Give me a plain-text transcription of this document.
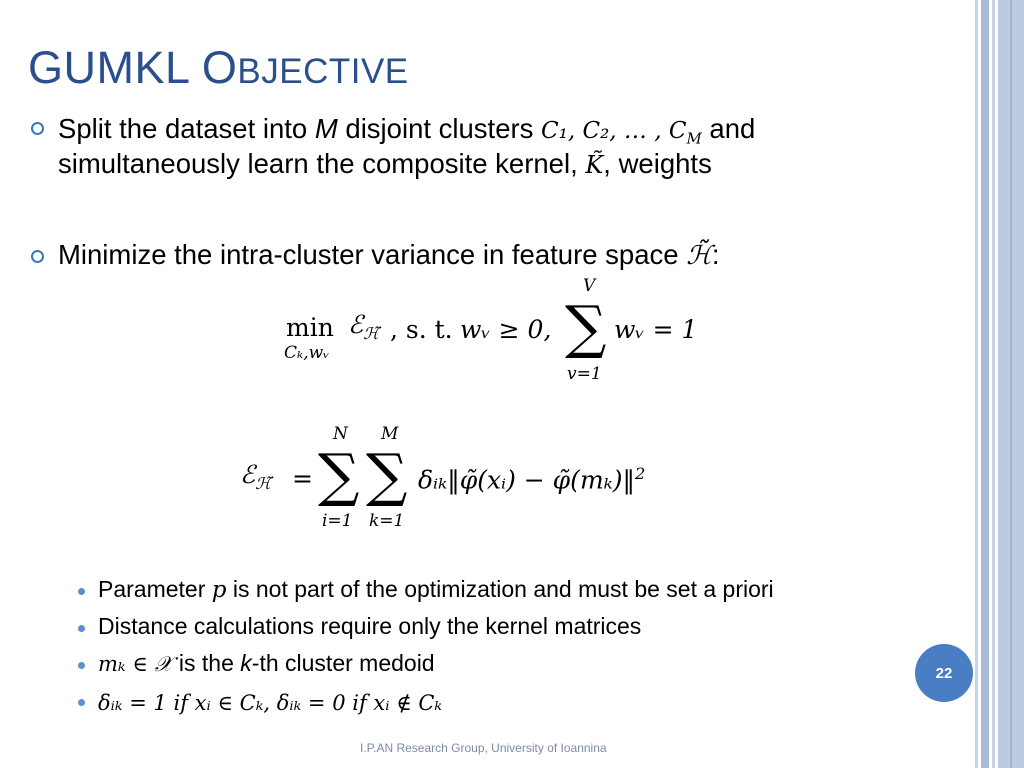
GUMKL OBJECTIVE
Split the dataset into M disjoint clusters C₁, C₂, … , $C_M$ and
simultaneously learn the composite kernel, K̃, weights
Minimize the intra-cluster variance in feature space ℋ̃:
min
Cₖ,wᵥ
ℰ$_{ℋ̃}$ , s. t. wᵥ ≥ 0,
V
∑
v=1
wᵥ = 1
ℰ$_{ℋ̃}$ =
N
∑
i=1
M
∑
k=1
δᵢₖ‖φ̃(xᵢ) − φ̃(mₖ)‖$^2$
Parameter p is not part of the optimization and must be set a priori
Distance calculations require only the kernel matrices
mₖ ∈ 𝒳 is the k-th cluster medoid
δᵢₖ = 1 if xᵢ ∈ Cₖ, δᵢₖ = 0 if xᵢ ∉ Cₖ
22
I.P.AN Research Group, University of Ioannina
